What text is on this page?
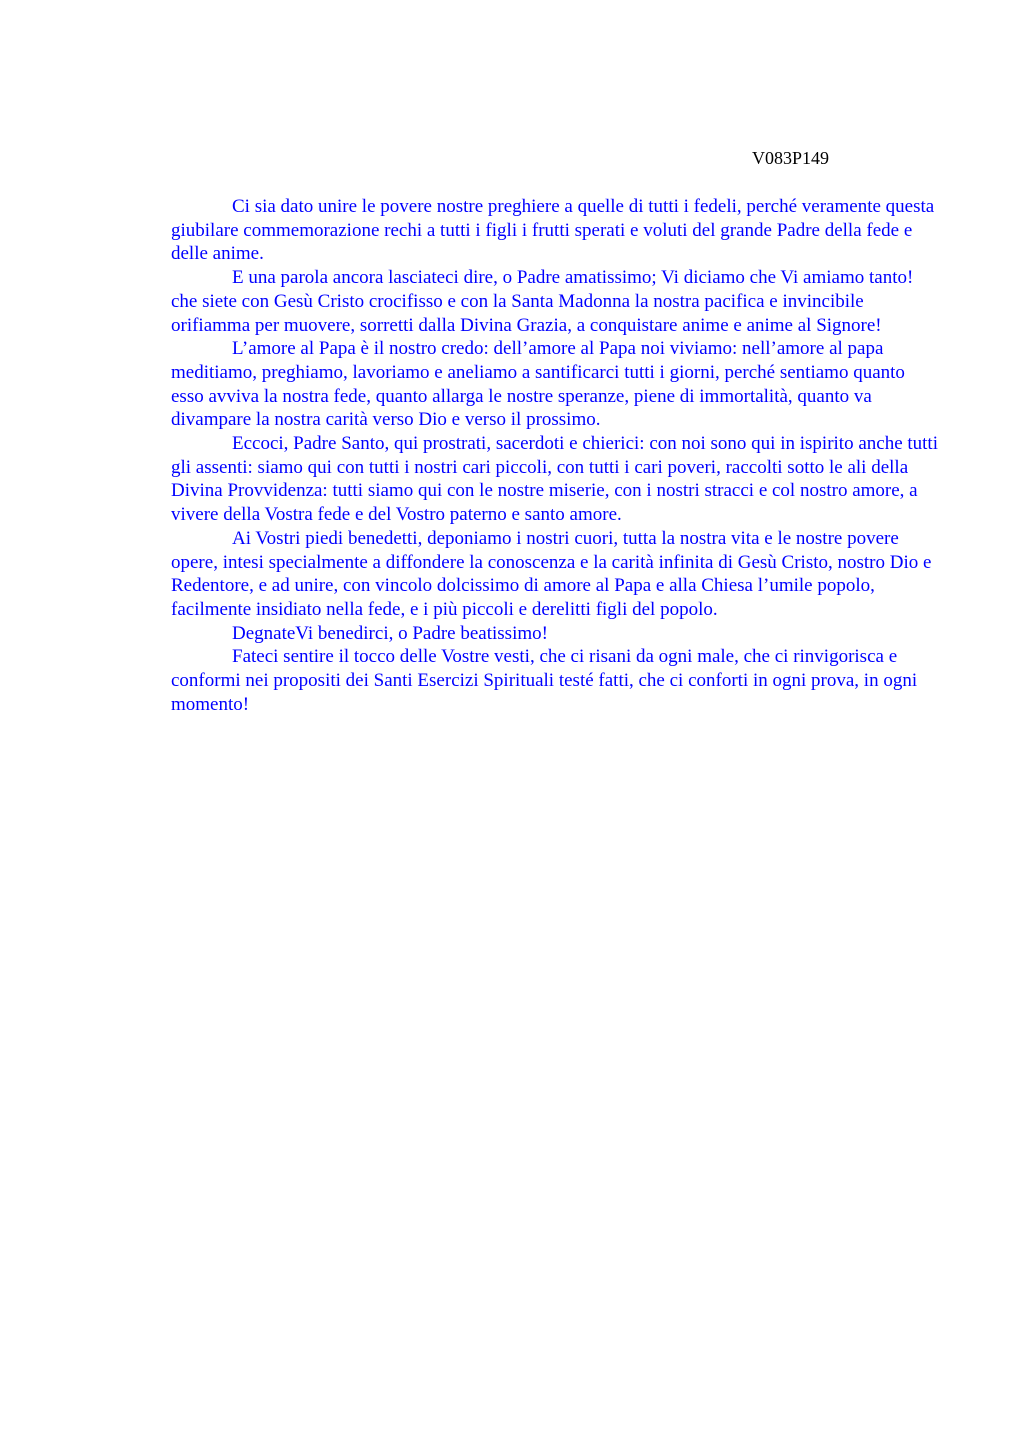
V083P149

Ci sia dato unire le povere nostre preghiere a quelle di tutti i fedeli, perché veramente questa giubilare commemorazione rechi a tutti i figli i frutti sperati e voluti del grande Padre della fede e delle anime.

E una parola ancora lasciateci dire, o Padre amatissimo; Vi diciamo che Vi amiamo tanto! che siete con Gesù Cristo crocifisso e con la Santa Madonna la nostra pacifica e invincibile orifiamma per muovere, sorretti dalla Divina Grazia, a conquistare anime e anime al Signore!

L’amore al Papa è il nostro credo: dell’amore al Papa noi viviamo: nell’amore al papa meditiamo, preghiamo, lavoriamo e aneliamo a santificarci tutti i giorni, perché sentiamo quanto esso avviva la nostra fede, quanto allarga le nostre speranze, piene di immortalità, quanto va divampare la nostra carità verso Dio e verso il prossimo.

Eccoci, Padre Santo, qui prostrati, sacerdoti e chierici: con noi sono qui in ispirito anche tutti gli assenti: siamo qui con tutti i nostri cari piccoli, con tutti i cari poveri, raccolti sotto le ali della Divina Provvidenza: tutti siamo qui con le nostre miserie, con i nostri stracci e col nostro amore, a vivere della Vostra fede e del Vostro paterno e santo amore.

Ai Vostri piedi benedetti, deponiamo i nostri cuori, tutta la nostra vita e le nostre povere opere, intesi specialmente a diffondere la conoscenza e la carità infinita di Gesù Cristo, nostro Dio e Redentore, e ad unire, con vincolo dolcissimo di amore al Papa e alla Chiesa l’umile popolo, facilmente insidiato nella fede, e i più piccoli e derelitti figli del popolo.

DegnateVi benedirci, o Padre beatissimo!

Fateci sentire il tocco delle Vostre vesti, che ci risani da ogni male, che ci rinvigorisca e conformi nei propositi dei Santi Esercizi Spirituali testé fatti, che ci conforti in ogni prova, in ogni momento!
